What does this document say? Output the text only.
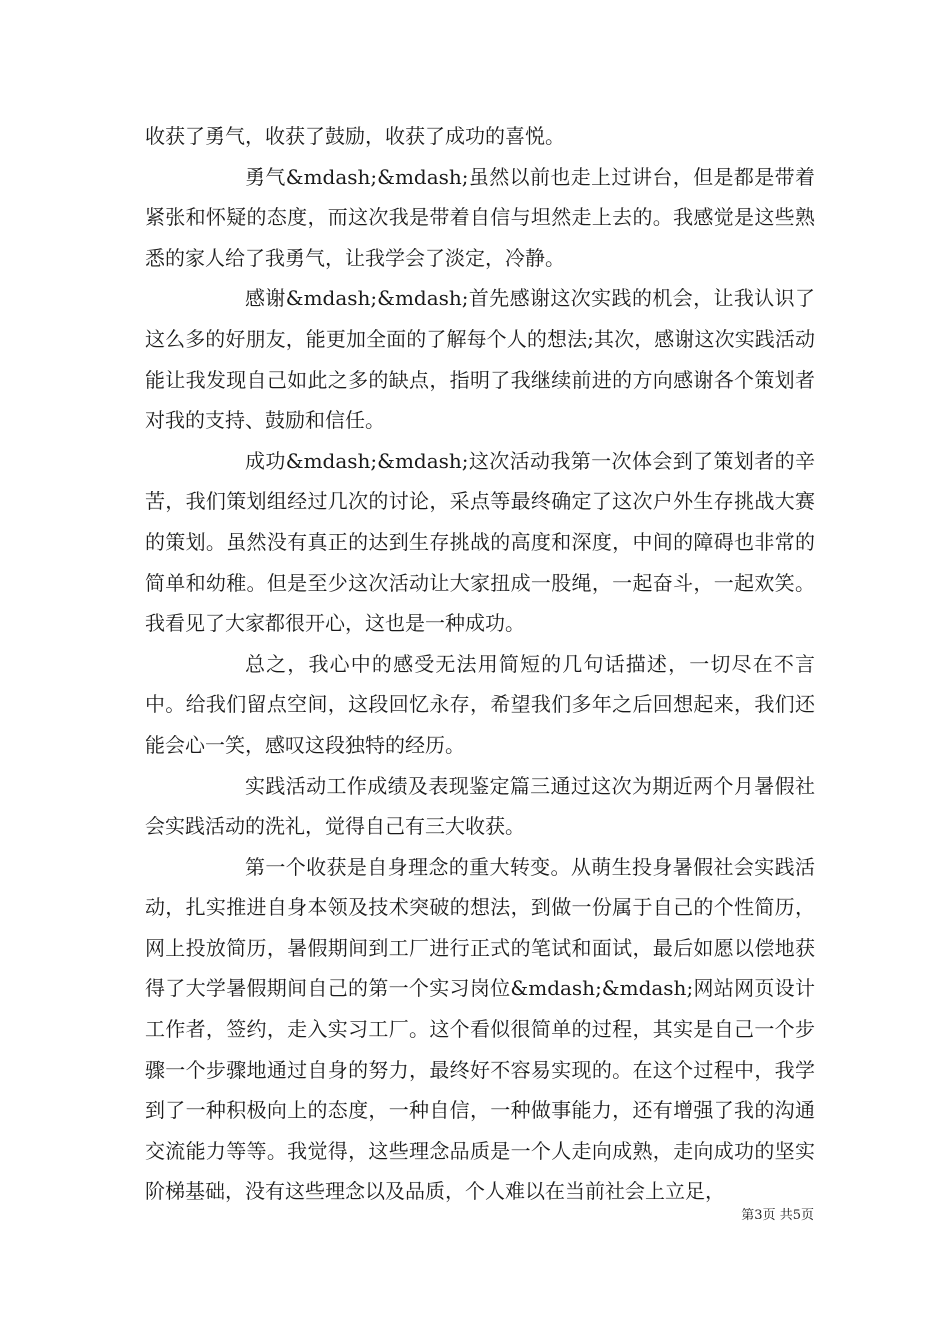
收获了勇气，收获了鼓励，收获了成功的喜悦。

勇气&mdash;&mdash;虽然以前也走上过讲台，但是都是带着紧张和怀疑的态度，而这次我是带着自信与坦然走上去的。我感觉是这些熟悉的家人给了我勇气，让我学会了淡定，冷静。

感谢&mdash;&mdash;首先感谢这次实践的机会，让我认识了这么多的好朋友，能更加全面的了解每个人的想法;其次，感谢这次实践活动能让我发现自己如此之多的缺点，指明了我继续前进的方向感谢各个策划者对我的支持、鼓励和信任。

成功&mdash;&mdash;这次活动我第一次体会到了策划者的辛苦，我们策划组经过几次的讨论，采点等最终确定了这次户外生存挑战大赛的策划。虽然没有真正的达到生存挑战的高度和深度，中间的障碍也非常的简单和幼稚。但是至少这次活动让大家扭成一股绳，一起奋斗，一起欢笑。我看见了大家都很开心，这也是一种成功。

总之，我心中的感受无法用简短的几句话描述，一切尽在不言中。给我们留点空间，这段回忆永存，希望我们多年之后回想起来，我们还能会心一笑，感叹这段独特的经历。

实践活动工作成绩及表现鉴定篇三通过这次为期近两个月暑假社会实践活动的洗礼，觉得自己有三大收获。

第一个收获是自身理念的重大转变。从萌生投身暑假社会实践活动，扎实推进自身本领及技术突破的想法，到做一份属于自己的个性简历，网上投放简历，暑假期间到工厂进行正式的笔试和面试，最后如愿以偿地获得了大学暑假期间自己的第一个实习岗位&mdash;&mdash;网站网页设计工作者，签约，走入实习工厂。这个看似很简单的过程，其实是自己一个步骤一个步骤地通过自身的努力，最终好不容易实现的。在这个过程中，我学到了一种积极向上的态度，一种自信，一种做事能力，还有增强了我的沟通交流能力等等。我觉得，这些理念品质是一个人走向成熟，走向成功的坚实阶梯基础，没有这些理念以及品质，个人难以在当前社会上立足，

第3页 共5页
